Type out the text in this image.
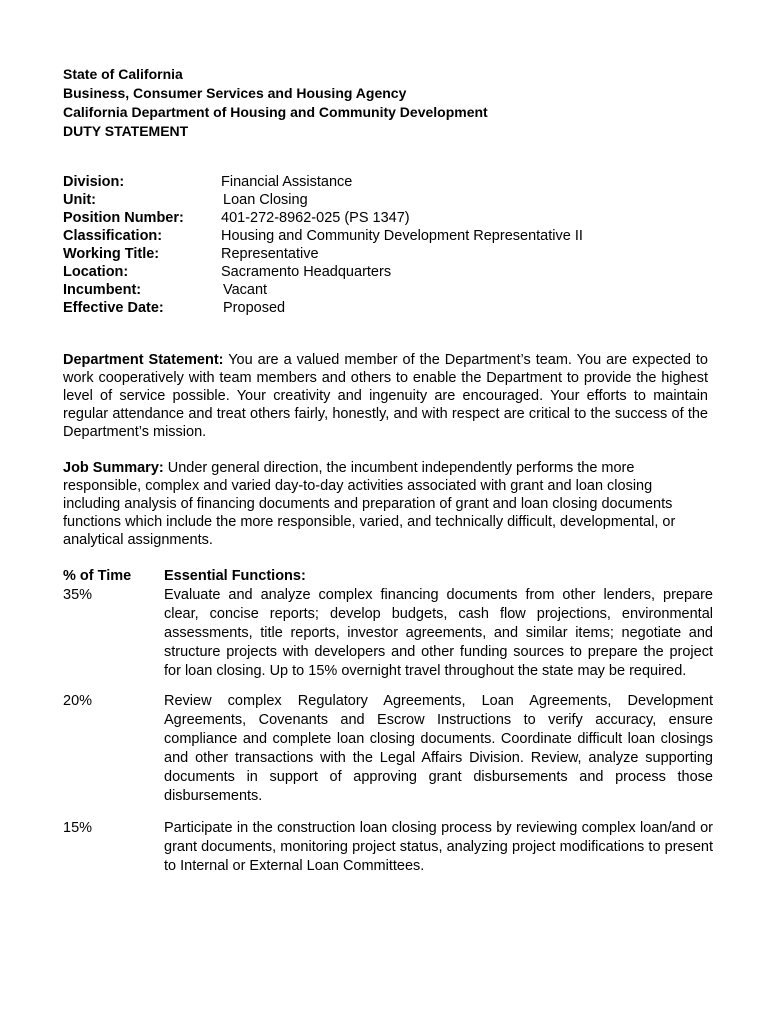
State of California
Business, Consumer Services and Housing Agency
California Department of Housing and Community Development
DUTY STATEMENT
Division:	Financial Assistance
Unit:	Loan Closing
Position Number:	401-272-8962-025 (PS 1347)
Classification:	Housing and Community Development Representative II
Working Title:	Representative
Location:	Sacramento Headquarters
Incumbent:	Vacant
Effective Date:	Proposed
Department Statement: You are a valued member of the Department’s team. You are expected to work cooperatively with team members and others to enable the Department to provide the highest level of service possible. Your creativity and ingenuity are encouraged. Your efforts to maintain regular attendance and treat others fairly, honestly, and with respect are critical to the success of the Department’s mission.
Job Summary: Under general direction, the incumbent independently performs the more responsible, complex and varied day-to-day activities associated with grant and loan closing including analysis of financing documents and preparation of grant and loan closing documents functions which include the more responsible, varied, and technically difficult, developmental, or analytical assignments.
% of Time	Essential Functions:
35%	Evaluate and analyze complex financing documents from other lenders, prepare clear, concise reports; develop budgets, cash flow projections, environmental assessments, title reports, investor agreements, and similar items; negotiate and structure projects with developers and other funding sources to prepare the project for loan closing. Up to 15% overnight travel throughout the state may be required.
20%	Review complex Regulatory Agreements, Loan Agreements, Development Agreements, Covenants and Escrow Instructions to verify accuracy, ensure compliance and complete loan closing documents. Coordinate difficult loan closings and other transactions with the Legal Affairs Division. Review, analyze supporting documents in support of approving grant disbursements and process those disbursements.
15%	Participate in the construction loan closing process by reviewing complex loan/and or grant documents, monitoring project status, analyzing project modifications to present to Internal or External Loan Committees.
